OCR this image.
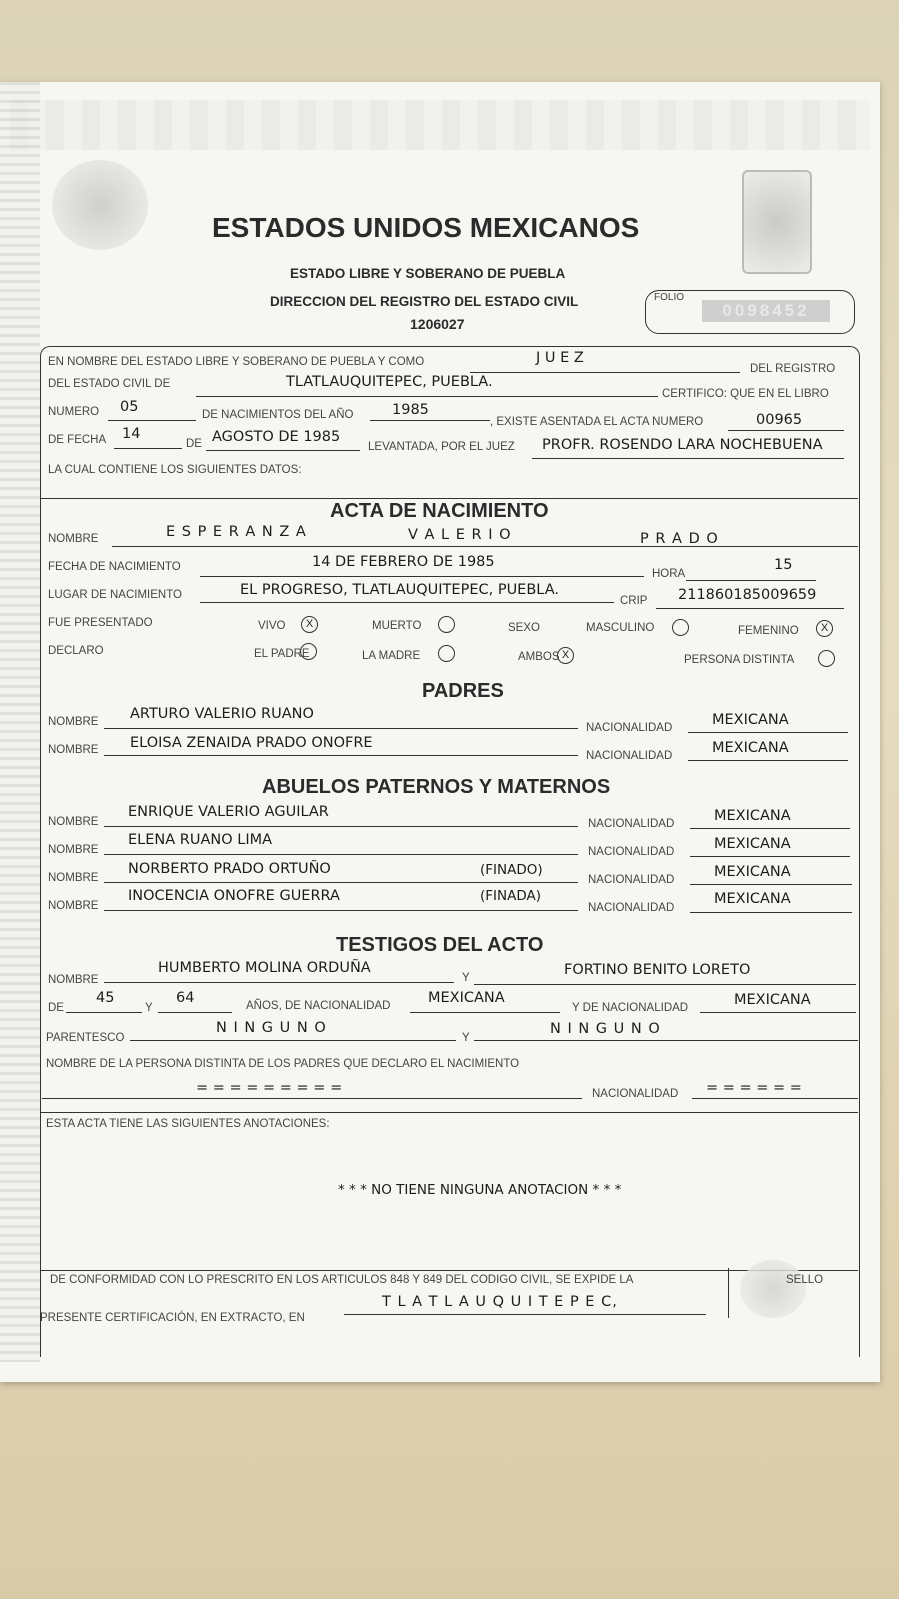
ESTADOS UNIDOS MEXICANOS
ESTADO LIBRE Y SOBERANO DE PUEBLA
DIRECCION DEL REGISTRO DEL ESTADO CIVIL
1206027
FOLIO
0098452
EN NOMBRE DEL ESTADO LIBRE Y SOBERANO DE PUEBLA Y COMO	J U E Z
DEL REGISTRO
DEL ESTADO CIVIL DE	TLATLAUQUITEPEC, PUEBLA.
CERTIFICO: QUE EN EL LIBRO
NUMERO 05	DE NACIMIENTOS DEL AÑO	1985
, EXISTE ASENTADA EL ACTA NUMERO	00965
DE FECHA 14
DE AGOSTO DE 1985
LEVANTADA, POR EL JUEZ PROFR. ROSENDO LARA NOCHEBUENA
LA CUAL CONTIENE LOS SIGUIENTES DATOS:
ACTA DE NACIMIENTO
NOMBRE	E S P E R A N Z A	V A L E R I O	P R A D O
FECHA DE NACIMIENTO	14 DE FEBRERO DE 1985
HORA
15
LUGAR DE NACIMIENTO	EL PROGRESO, TLATLAUQUITEPEC, PUEBLA.
CRIP 211860185009659
FUE PRESENTADO	VIVO	X	MUERTO	SEXO	MASCULINO	FEMENINO	X
DECLARO	EL PADRE	LA MADRE	AMBOS X	PERSONA DISTINTA
PADRES
NOMBRE ARTURO VALERIO RUANO
NACIONALIDAD	MEXICANA
NOMBRE ELOISA ZENAIDA PRADO ONOFRE
NACIONALIDAD	MEXICANA
ABUELOS PATERNOS Y MATERNOS
NOMBRE
ENRIQUE VALERIO AGUILAR
NACIONALIDAD	MEXICANA
NOMBRE
ELENA RUANO LIMA
NACIONALIDAD	MEXICANA
NOMBRE
NORBERTO PRADO ORTUÑO	(FINADO)
NACIONALIDAD	MEXICANA
NOMBRE
INOCENCIA ONOFRE GUERRA	(FINADA)
NACIONALIDAD
MEXICANA
TESTIGOS DEL ACTO
NOMBRE
HUMBERTO MOLINA ORDUÑA
Y	FORTINO BENITO LORETO
DE
45
Y
64	AÑOS, DE NACIONALIDAD	MEXICANA
Y DE NACIONALIDAD	MEXICANA
PARENTESCO
N I N G U N O
Y
N I N G U N O
NOMBRE DE LA PERSONA DISTINTA DE LOS PADRES QUE DECLARO EL NACIMIENTO
= = = = = = = = =	NACIONALIDAD = = = = = =
ESTA ACTA TIENE LAS SIGUIENTES ANOTACIONES:
* * * NO TIENE NINGUNA ANOTACION * * *
DE CONFORMIDAD CON LO PRESCRITO EN LOS ARTICULOS 848 Y 849 DEL CODIGO CIVIL, SE EXPIDE LA
PRESENTE CERTIFICACIÓN, EN EXTRACTO, EN
T L A T L A U Q U I T E P E C,
SELLO
